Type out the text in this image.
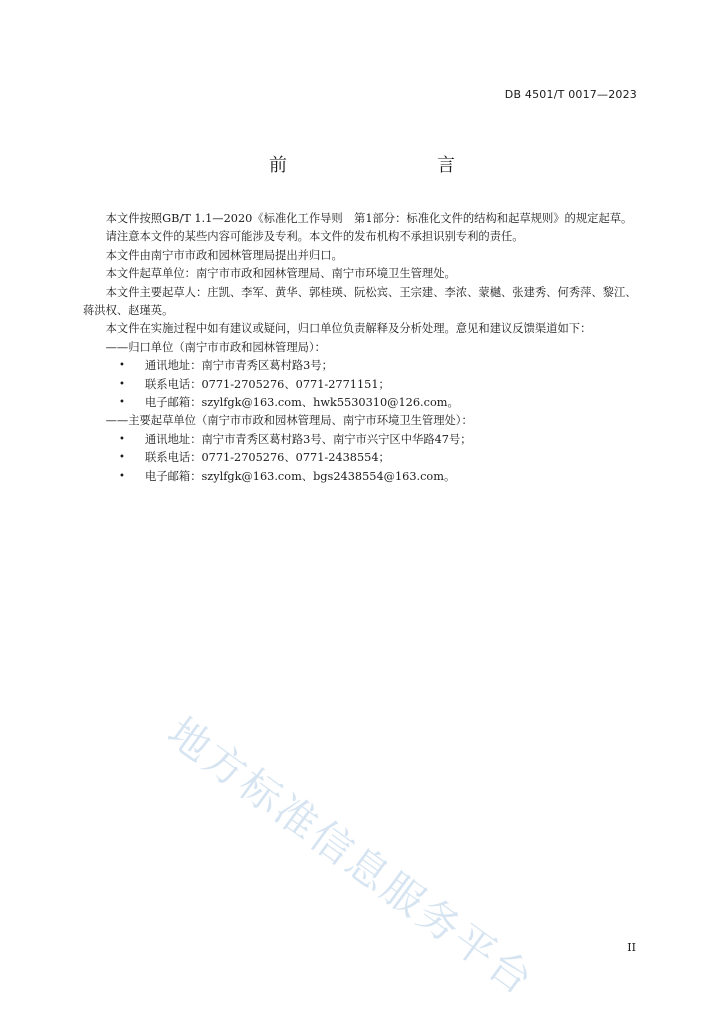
DB 4501/T 0017—2023
前　　言

本文件按照GB/T 1.1—2020《标准化工作导则　第1部分：标准化文件的结构和起草规则》的规定起草。

请注意本文件的某些内容可能涉及专利。本文件的发布机构不承担识别专利的责任。

本文件由南宁市市政和园林管理局提出并归口。

本文件起草单位：南宁市市政和园林管理局、南宁市环境卫生管理处。

本文件主要起草人：庄凯、李军、黄华、郭桂瑛、阮松宾、王宗建、李浓、蒙樾、张建秀、何秀萍、黎江、蒋洪权、赵瑾英。

本文件在实施过程中如有建议或疑问，归口单位负责解释及分析处理。意见和建议反馈渠道如下：

——归口单位（南宁市市政和园林管理局）：

•	通讯地址：南宁市青秀区葛村路3号；
•	联系电话：0771-2705276、0771-2771151；
•	电子邮箱：szylfgk@163.com、hwk5530310@126.com。

——主要起草单位（南宁市市政和园林管理局、南宁市环境卫生管理处）：

•	通讯地址：南宁市青秀区葛村路3号、南宁市兴宁区中华路47号；
•	联系电话：0771-2705276、0771-2438554；
•	电子邮箱：szylfgk@163.com、bgs2438554@163.com。
地方标准信息服务平台	II
